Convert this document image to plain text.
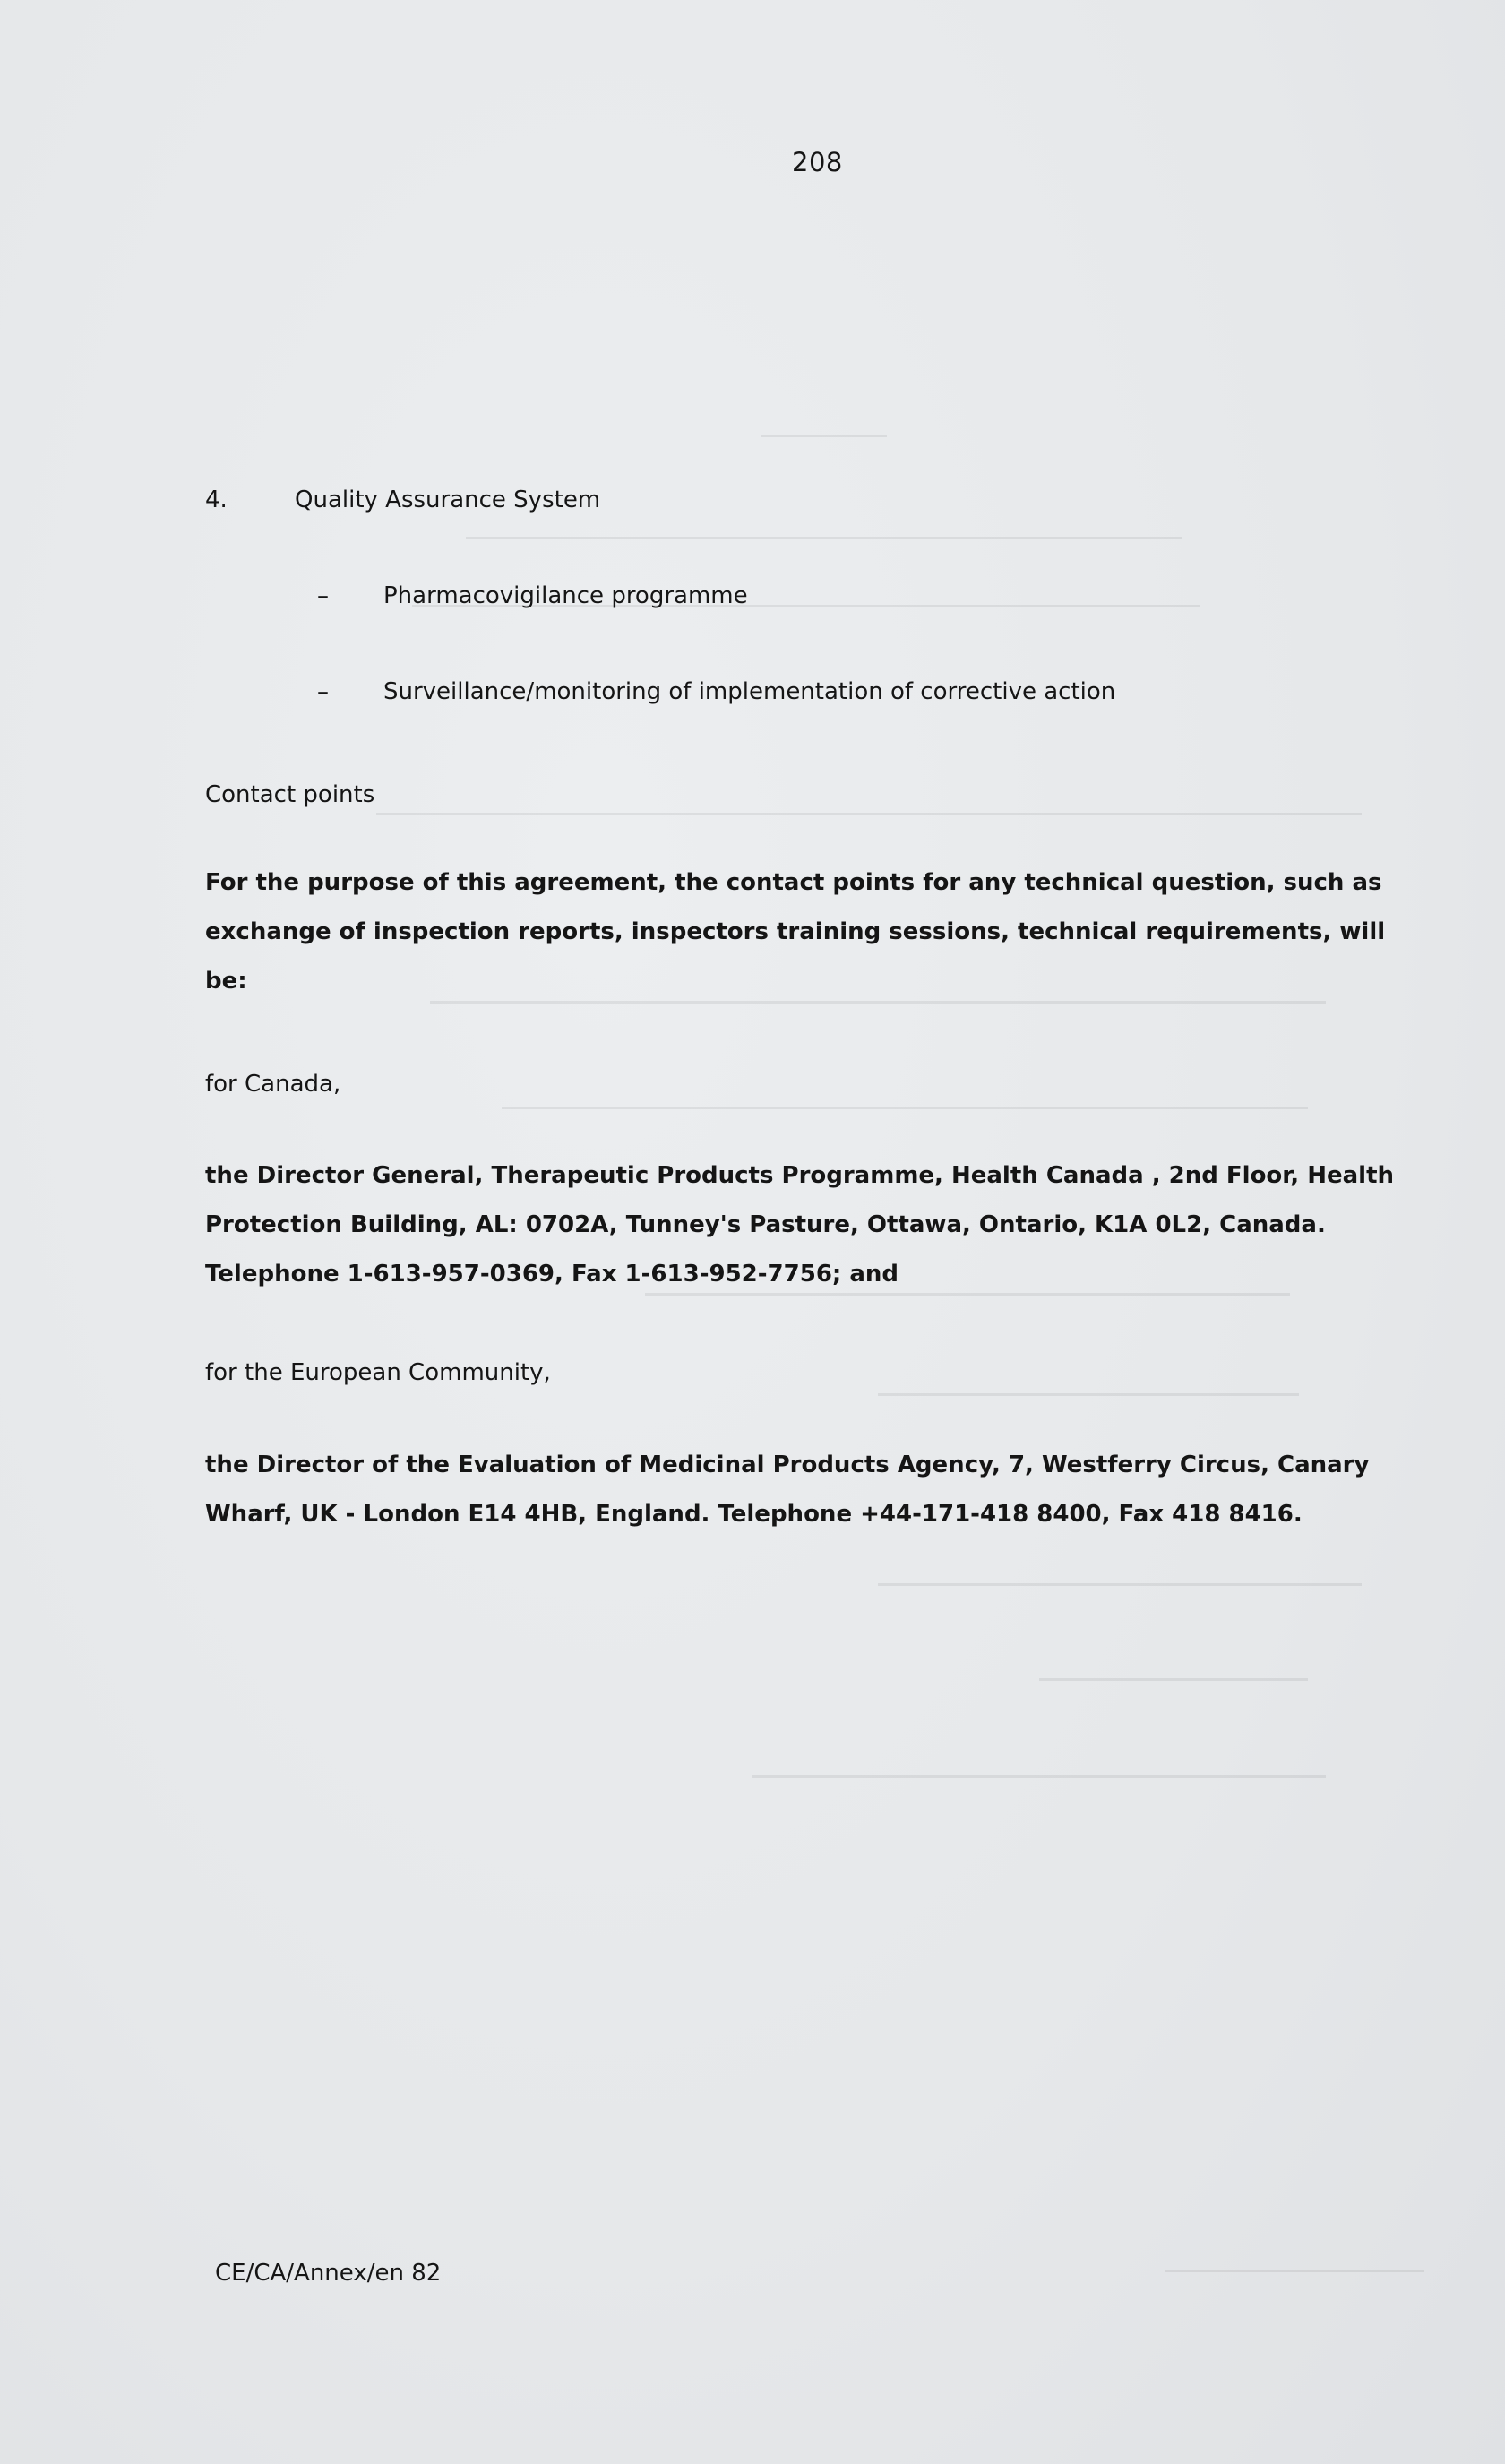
208
4.	Quality Assurance System
– Pharmacovigilance programme
– Surveillance/monitoring of implementation of corrective action

Contact points

For the purpose of this agreement, the contact points for any technical question, such as exchange of inspection reports, inspectors training sessions, technical requirements, will be:

for Canada,

the Director General, Therapeutic Products Programme, Health Canada , 2nd Floor, Health Protection Building, AL: 0702A, Tunney's Pasture, Ottawa, Ontario, K1A 0L2, Canada. Telephone 1-613-957-0369, Fax 1-613-952-7756; and

for the European Community,

the Director of the Evaluation of Medicinal Products Agency, 7, Westferry Circus, Canary Wharf, UK - London E14 4HB, England. Telephone +44-171-418 8400, Fax 418 8416.

CE/CA/Annex/en 82
